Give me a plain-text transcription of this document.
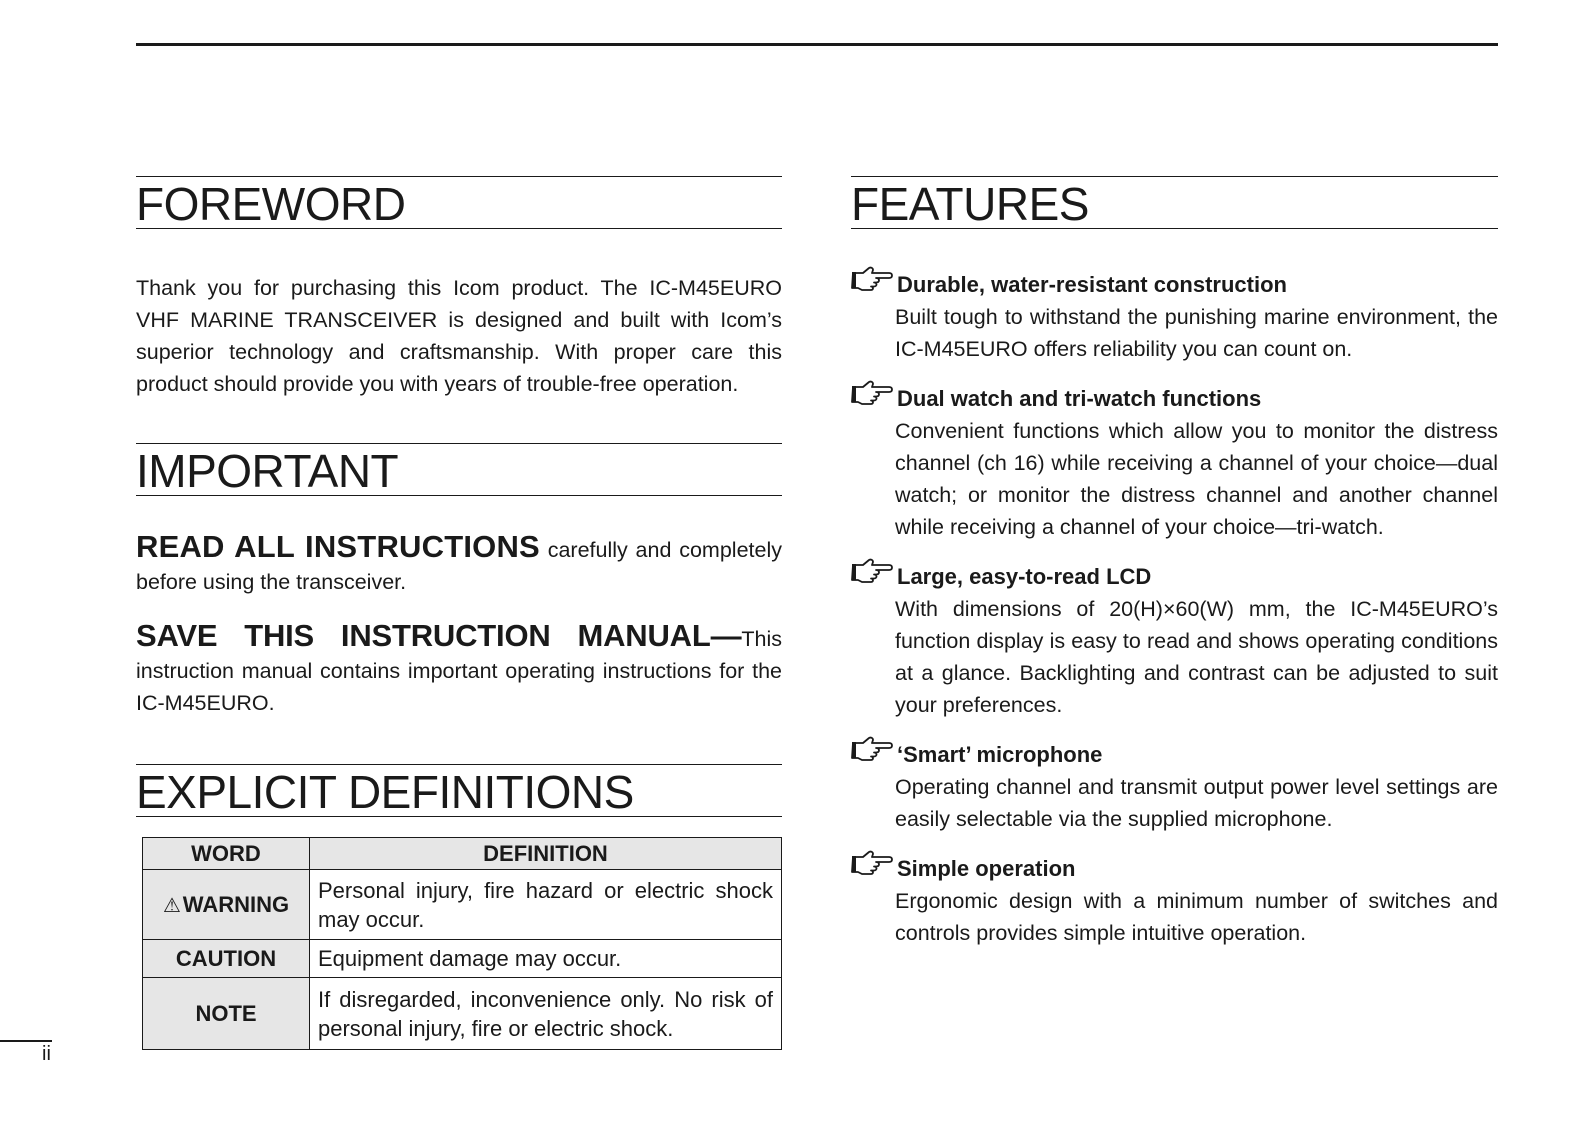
FOREWORD

Thank you for purchasing this Icom product. The IC-M45EURO VHF MARINE TRANSCEIVER is designed and built with Icom’s superior technology and craftsmanship. With proper care this product should provide you with years of trouble-free operation.

IMPORTANT

READ ALL INSTRUCTIONS carefully and completely before using the transceiver.

SAVE THIS INSTRUCTION MANUAL—This instruction manual contains important operating instructions for the IC-M45EURO.

EXPLICIT DEFINITIONS
WORD	DEFINITION
⚠WARNING	Personal injury, fire hazard or electric shock may occur.
CAUTION	Equipment damage may occur.
NOTE	If disregarded, inconvenience only. No risk of personal injury, fire or electric shock.
FEATURES

Durable, water-resistant construction

Built tough to withstand the punishing marine environment, the IC-M45EURO offers reliability you can count on.

Dual watch and tri-watch functions

Convenient functions which allow you to monitor the distress channel (ch 16) while receiving a channel of your choice—dual watch; or monitor the distress channel and another channel while receiving a channel of your choice—tri-watch.

Large, easy-to-read LCD

With dimensions of 20(H)×60(W) mm, the IC-M45EURO’s function display is easy to read and shows operating conditions at a glance. Backlighting and contrast can be adjusted to suit your preferences.

‘Smart’ microphone

Operating channel and transmit output power level settings are easily selectable via the supplied microphone.

Simple operation

Ergonomic design with a minimum number of switches and controls provides simple intuitive operation.

ii
